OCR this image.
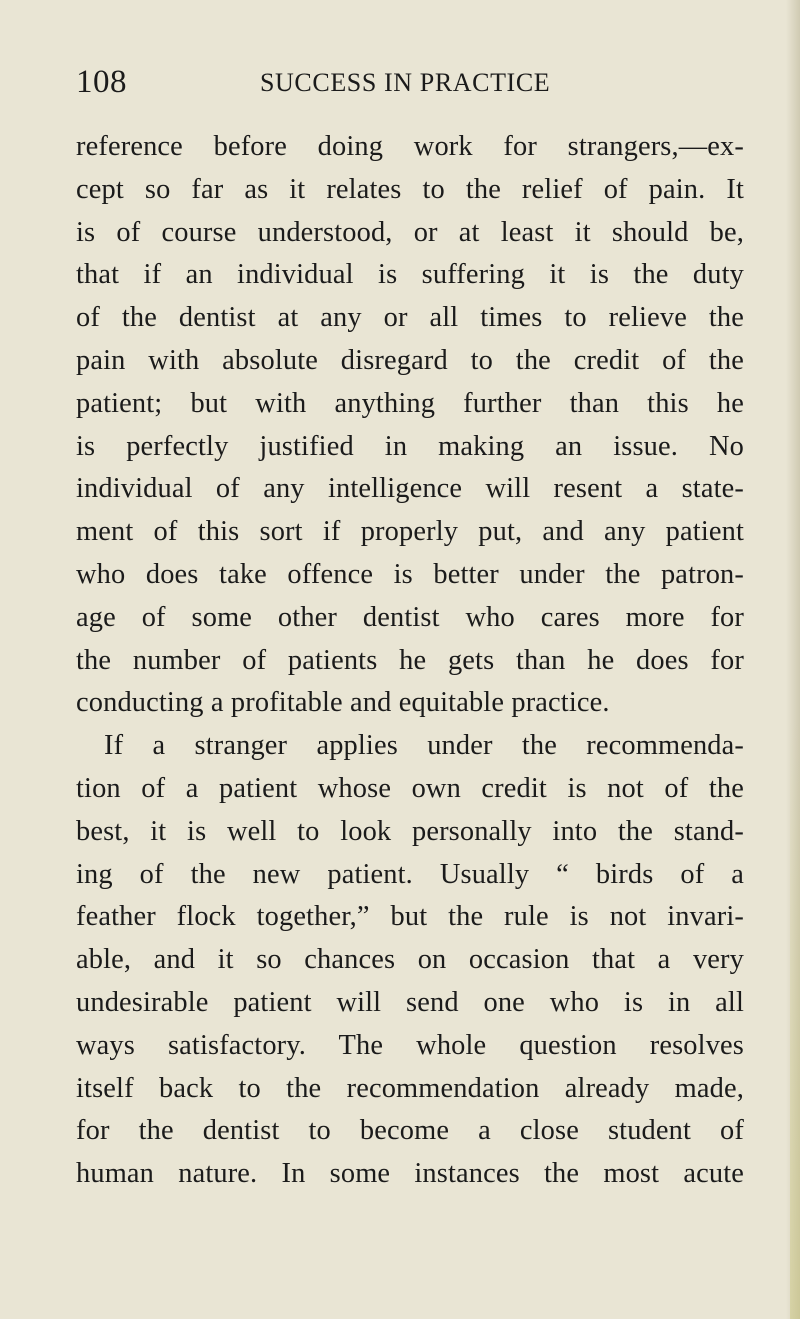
108	SUCCESS IN PRACTICE
reference before doing work for strangers,—ex-
cept so far as it relates to the relief of pain. It
is of course understood, or at least it should be,
that if an individual is suffering it is the duty
of the dentist at any or all times to relieve the
pain with absolute disregard to the credit of the
patient; but with anything further than this he
is perfectly justified in making an issue. No
individual of any intelligence will resent a state-
ment of this sort if properly put, and any patient
who does take offence is better under the patron-
age of some other dentist who cares more for
the number of patients he gets than he does for
conducting a profitable and equitable practice.
If a stranger applies under the recommenda-
tion of a patient whose own credit is not of the
best, it is well to look personally into the stand-
ing of the new patient. Usually “ birds of a
feather flock together,” but the rule is not invari-
able, and it so chances on occasion that a very
undesirable patient will send one who is in all
ways satisfactory. The whole question resolves
itself back to the recommendation already made,
for the dentist to become a close student of
human nature. In some instances the most acute
